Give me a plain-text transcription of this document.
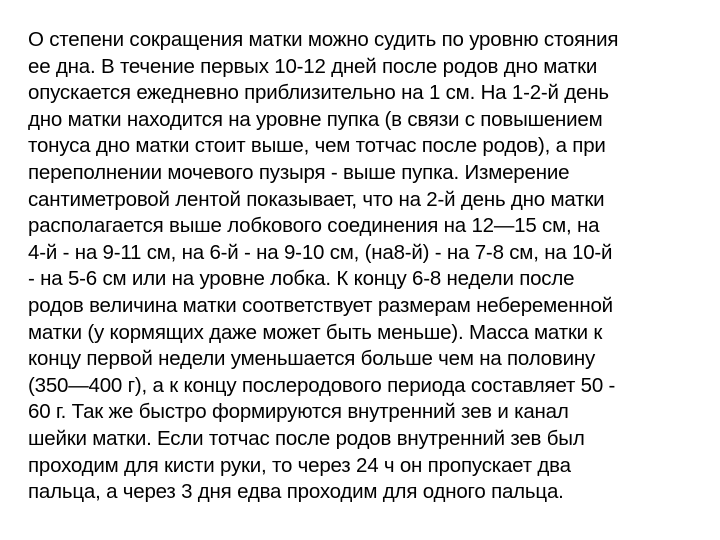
О степени сокращения матки можно судить по уровню стояния
ее дна. В течение первых 10-12 дней после родов дно матки
опускается ежедневно приблизительно на 1 см. На 1-2-й день
дно матки находится на уровне пупка (в связи с повышением
тонуса дно матки стоит выше, чем тотчас после родов), а при
переполнении мочевого пузыря - выше пупка. Измерение
сантиметровой лентой показывает, что на 2-й день дно матки
располагается выше лобкового соединения на 12—15 см, на
4-й - на 9-11 см, на 6-й - на 9-10 см, (на8-й) - на 7-8 см, на 10-й
- на 5-6 см или на уровне лобка. К концу 6-8 недели после
родов величина матки соответствует размерам небеременной
матки (у кормящих даже может быть меньше). Масса матки к
концу первой недели уменьшается больше чем на половину
(350—400 г), а к концу послеродового периода составляет 50 -
60 г. Так же быстро формируются внутренний зев и канал
шейки матки. Если тотчас после родов внутренний зев был
проходим для кисти руки, то через 24 ч он пропускает два
пальца, а через 3 дня едва проходим для одного пальца.
